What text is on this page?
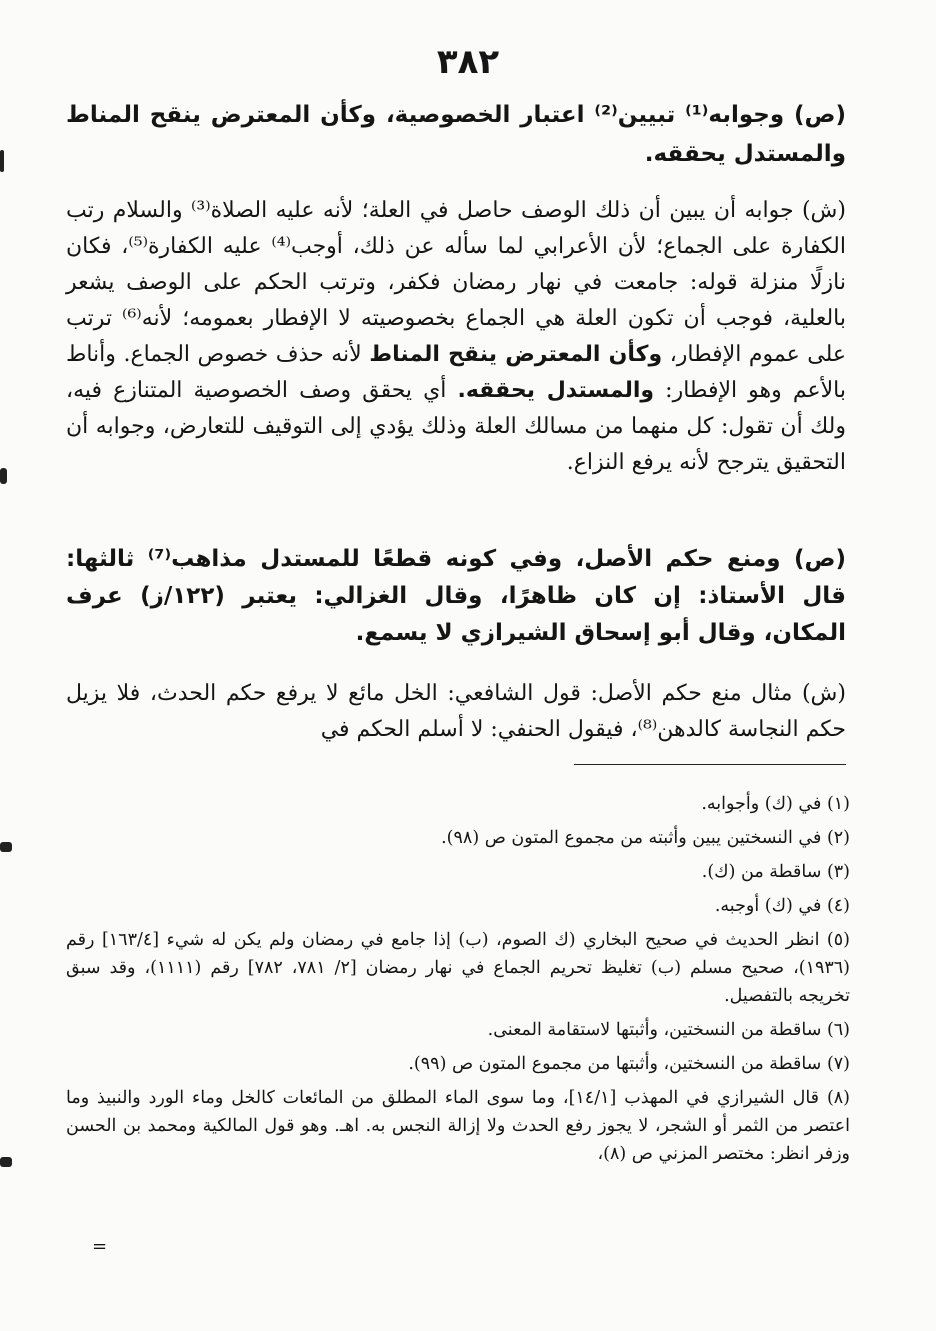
٣٨٢
(ص) وجوابه⁽¹⁾ تبيين⁽²⁾ اعتبار الخصوصية، وكأن المعترض ينقح المناط والمستدل يحققه.
(ش) جوابه أن يبين أن ذلك الوصف حاصل في العلة؛ لأنه عليه الصلاة⁽³⁾ والسلام رتب الكفارة على الجماع؛ لأن الأعرابي لما سأله عن ذلك، أوجب⁽⁴⁾ عليه الكفارة⁽⁵⁾، فكان نازلًا منزلة قوله: جامعت في نهار رمضان فكفر، وترتب الحكم على الوصف يشعر بالعلية، فوجب أن تكون العلة هي الجماع بخصوصيته لا الإفطار بعمومه؛ لأنه⁽⁶⁾ ترتب على عموم الإفطار، وكأن المعترض ينقح المناط لأنه حذف خصوص الجماع. وأناط بالأعم وهو الإفطار: والمستدل يحققه. أي يحقق وصف الخصوصية المتنازع فيه، ولك أن تقول: كل منهما من مسالك العلة وذلك يؤدي إلى التوقيف للتعارض، وجوابه أن التحقيق يترجح لأنه يرفع النزاع.
(ص) ومنع حكم الأصل، وفي كونه قطعًا للمستدل مذاهب⁽⁷⁾ ثالثها: قال الأستاذ: إن كان ظاهرًا، وقال الغزالي: يعتبر (١٢٢/ز) عرف المكان، وقال أبو إسحاق الشيرازي لا يسمع.
(ش) مثال منع حكم الأصل: قول الشافعي: الخل مائع لا يرفع حكم الحدث، فلا يزيل حكم النجاسة كالدهن⁽⁸⁾، فيقول الحنفي: لا أسلم الحكم في
(١) في (ك) وأجوابه.
(٢) في النسختين يبين وأثبته من مجموع المتون ص (٩٨).
(٣) ساقطة من (ك).
(٤) في (ك) أوجبه.
(٥) انظر الحديث في صحيح البخاري (ك الصوم، (ب) إذا جامع في رمضان ولم يكن له شيء [١٦٣/٤] رقم (١٩٣٦)، صحيح مسلم (ب) تغليظ تحريم الجماع في نهار رمضان [٢/ ٧٨١، ٧٨٢] رقم (١١١١)، وقد سبق تخريجه بالتفصيل.
(٦) ساقطة من النسختين، وأثبتها لاستقامة المعنى.
(٧) ساقطة من النسختين، وأثبتها من مجموع المتون ص (٩٩).
(٨) قال الشيرازي في المهذب [١٤/١]، وما سوى الماء المطلق من المائعات كالخل وماء الورد والنبيذ وما اعتصر من الثمر أو الشجر، لا يجوز رفع الحدث ولا إزالة النجس به. اهـ. وهو قول المالكية ومحمد بن الحسن وزفر انظر: مختصر المزني ص (٨)،
=
